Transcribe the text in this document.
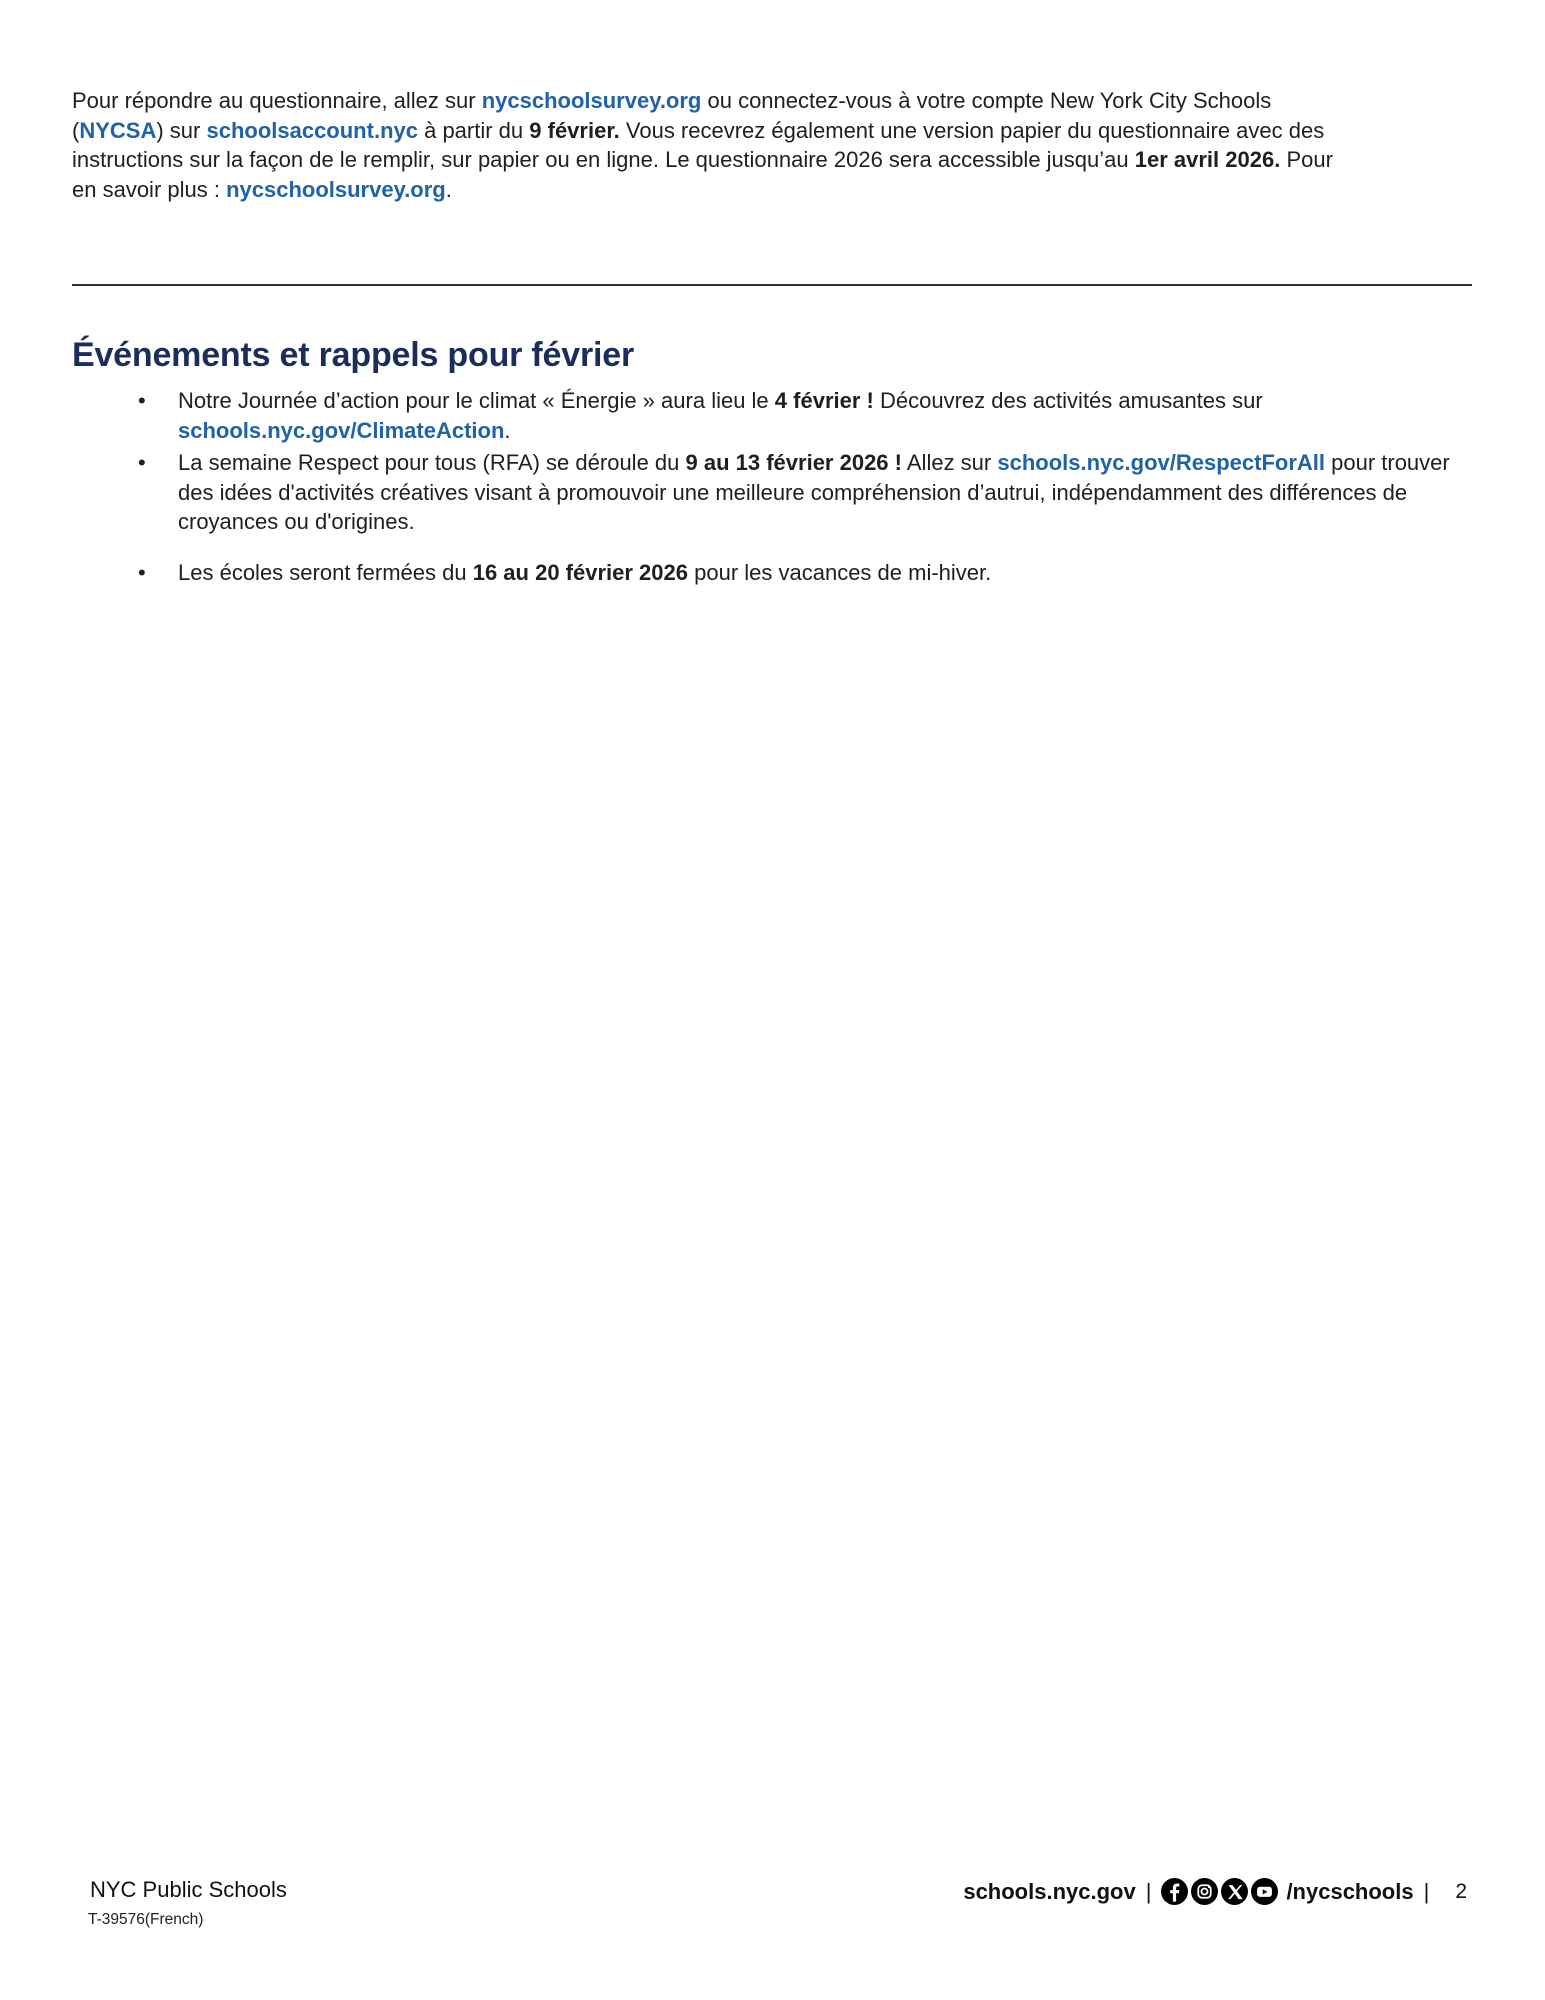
Pour répondre au questionnaire, allez sur nycschoolsurvey.org ou connectez-vous à votre compte New York City Schools (NYCSA) sur schoolsaccount.nyc à partir du 9 février. Vous recevrez également une version papier du questionnaire avec des instructions sur la façon de le remplir, sur papier ou en ligne. Le questionnaire 2026 sera accessible jusqu’au 1er avril 2026. Pour en savoir plus : nycschoolsurvey.org.

Événements et rappels pour février
• Notre Journée d’action pour le climat « Énergie » aura lieu le 4 février ! Découvrez des activités amusantes sur schools.nyc.gov/ClimateAction.
• La semaine Respect pour tous (RFA) se déroule du 9 au 13 février 2026 ! Allez sur schools.nyc.gov/RespectForAll pour trouver des idées d'activités créatives visant à promouvoir une meilleure compréhension d’autrui, indépendamment des différences de croyances ou d'origines.
• Les écoles seront fermées du 16 au 20 février 2026 pour les vacances de mi-hiver.
NYC Public Schools
T-39576(French)
schools.nyc.gov |	/nycschools | 2
